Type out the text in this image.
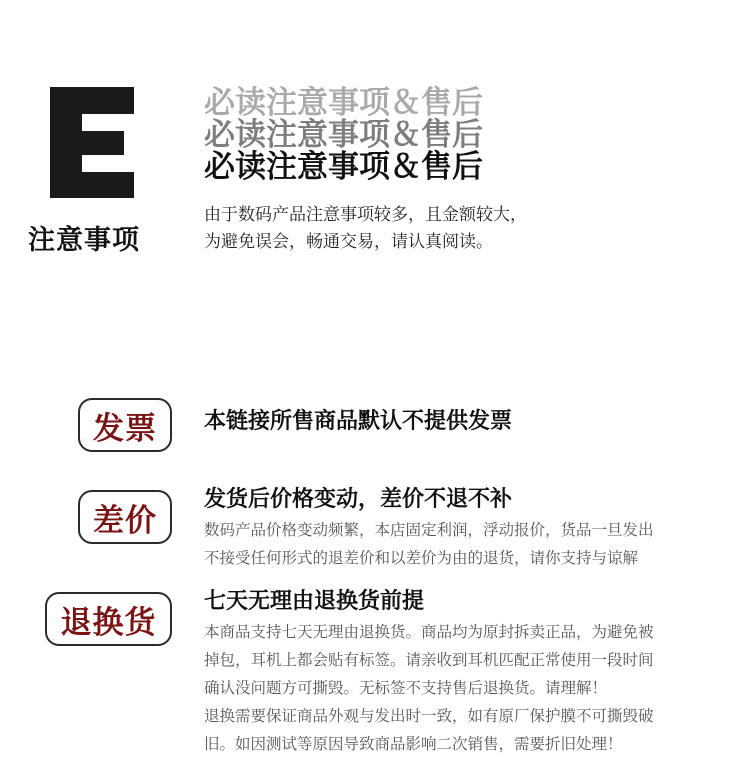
注意事项
必读注意事项＆售后
必读注意事项＆售后
必读注意事项＆售后
由于数码产品注意事项较多，且金额较大，
为避免误会，畅通交易，请认真阅读。
发票	本链接所售商品默认不提供发票
差价
发货后价格变动，差价不退不补
数码产品价格变动频繁，本店固定利润，浮动报价，货品一旦发出
不接受任何形式的退差价和以差价为由的退货，请你支持与谅解
退换货
七天无理由退换货前提
本商品支持七天无理由退换货。商品均为原封拆卖正品，为避免被
掉包，耳机上都会贴有标签。请亲收到耳机匹配正常使用一段时间
确认没问题方可撕毁。无标签不支持售后退换货。请理解！
退换需要保证商品外观与发出时一致，如有原厂保护膜不可撕毁破
旧。如因测试等原因导致商品影响二次销售，需要折旧处理！
